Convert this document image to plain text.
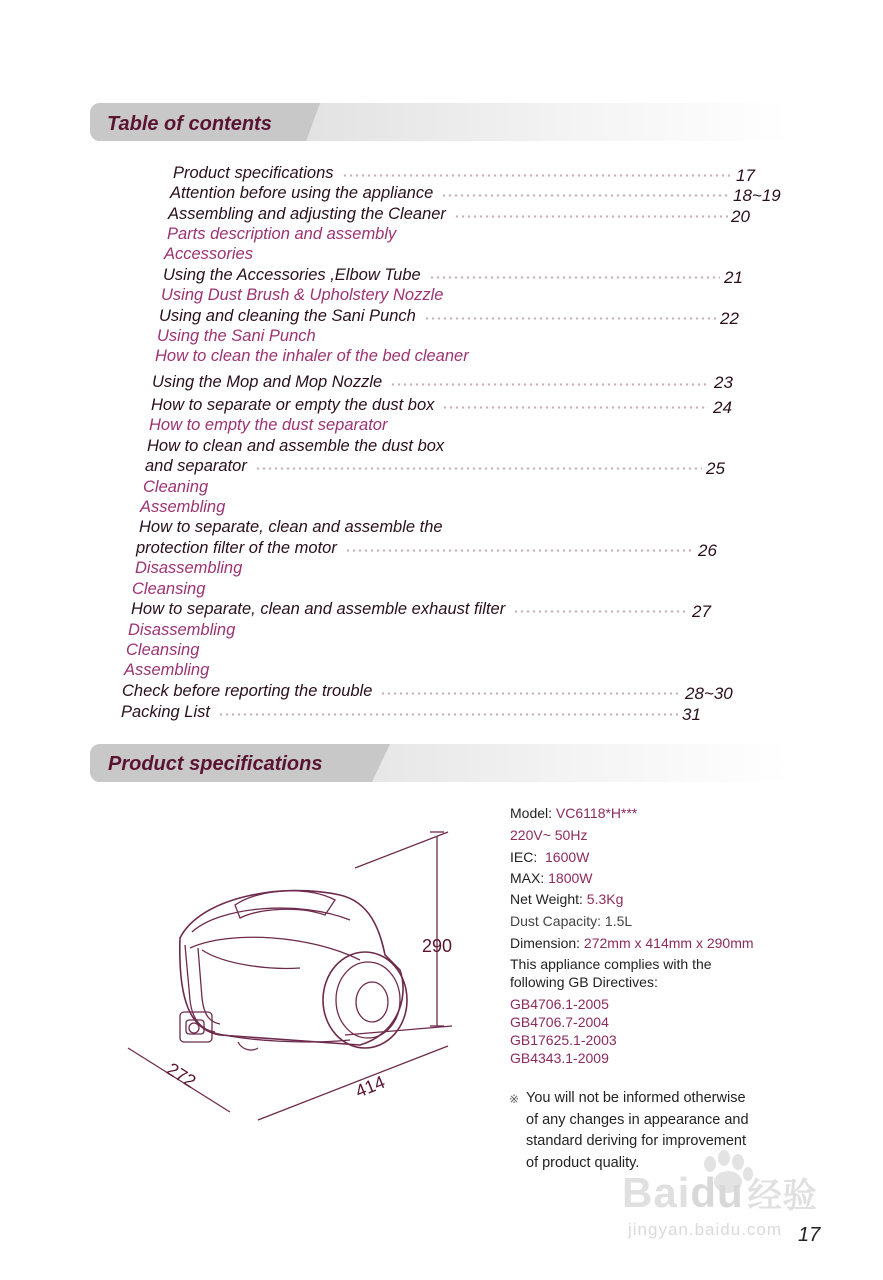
Table of contents
Product specifications	17
Attention before using the appliance	18~19
Assembling and adjusting the Cleaner	20
Parts description and assembly
Accessories
Using the Accessories ,Elbow Tube	21
Using Dust Brush & Upholstery Nozzle
Using and cleaning the Sani Punch	22
Using the Sani Punch
How to clean the inhaler of the bed cleaner
Using the Mop and Mop Nozzle	23
How to separate or empty the dust box	24
How to empty the dust separator
How to clean and assemble the dust box
and separator	25
Cleaning
Assembling
How to separate, clean and assemble the
protection filter of the motor	26
Disassembling
Cleansing
How to separate, clean and assemble exhaust filter	27
Disassembling
Cleansing
Assembling
Check before reporting the trouble	28~30
Packing List	31
Product specifications
290
414
272
Model: VC6118*H***
220V~ 50Hz
IEC: 1600W
MAX: 1800W
Net Weight: 5.3Kg
Dust Capacity: 1.5L
Dimension: 272mm x 414mm x 290mm
This appliance complies with the
following GB Directives:
GB4706.1-2005
GB4706.7-2004
GB17625.1-2003
GB4343.1-2009
※ You will not be informed otherwise
of any changes in appearance and
standard deriving for improvement
of product quality.
Baidu 经验
jingyan.baidu.com 17
